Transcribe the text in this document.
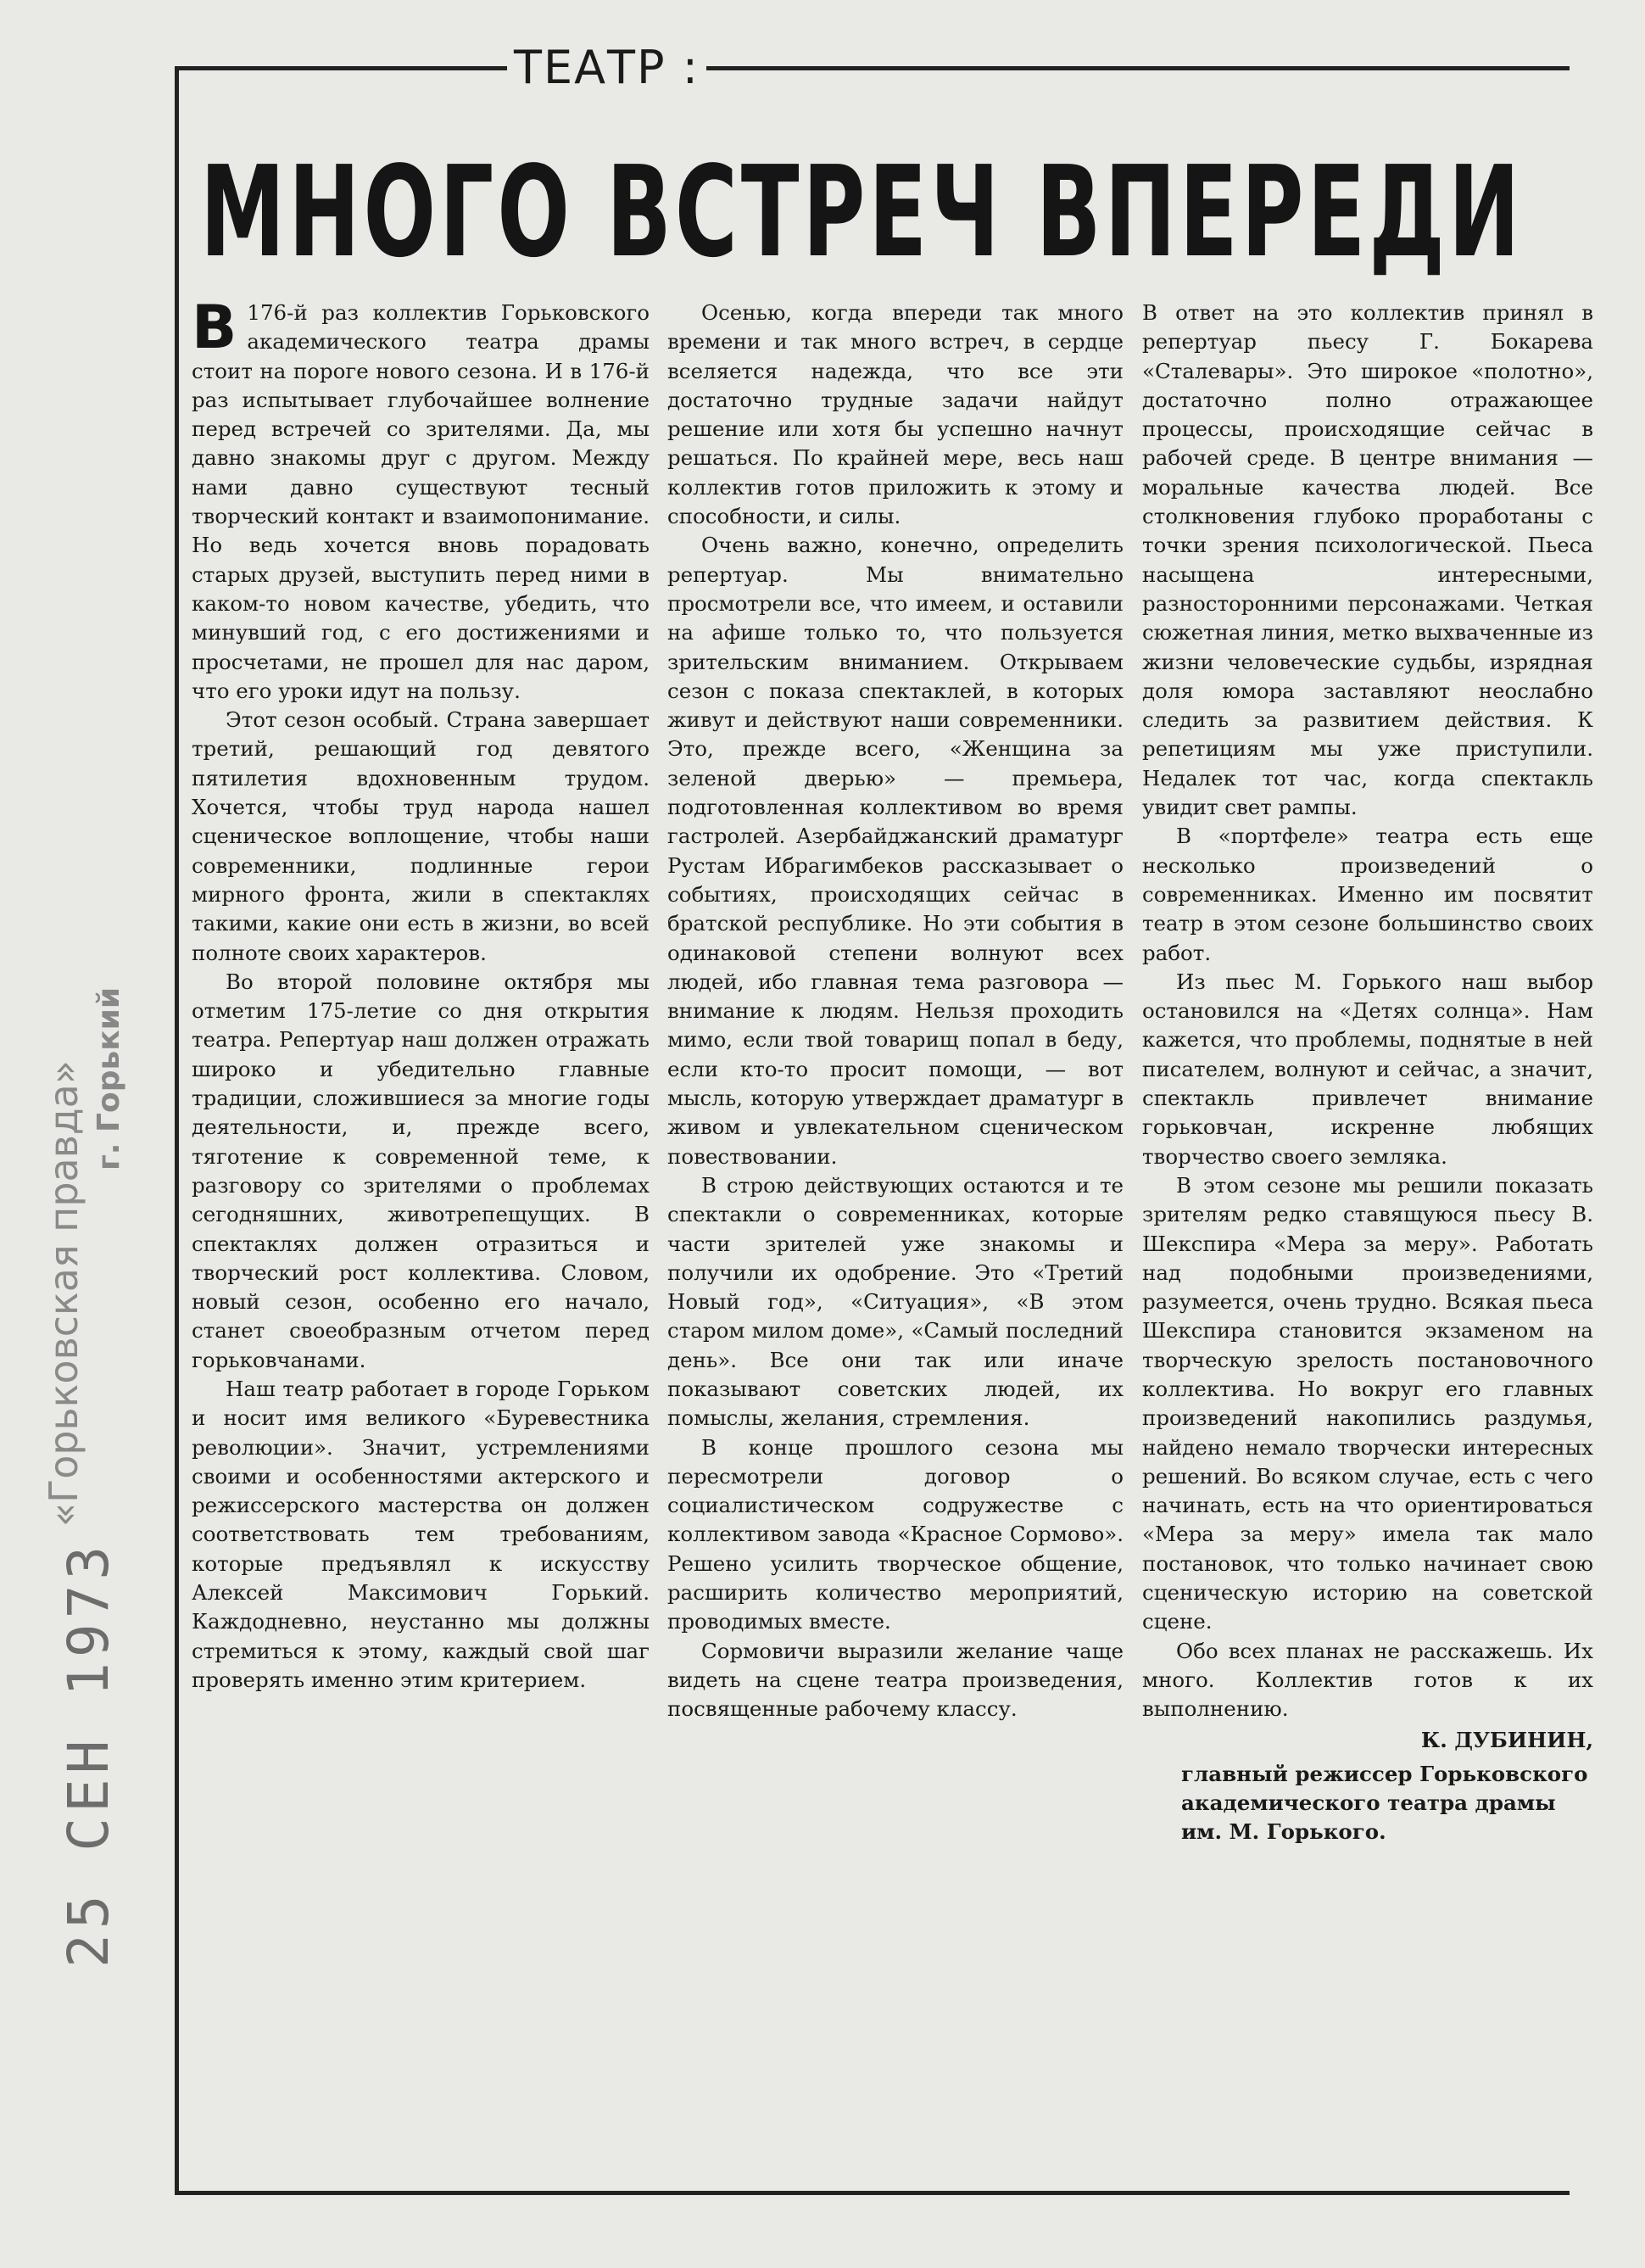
ТЕАТР :
МНОГО ВСТРЕЧ ВПЕРЕДИ
«Горьковская правда» г. Горький
25 СЕН 1973

В 176-й раз коллектив Горьковского академического театра драмы стоит на пороге нового сезона. И в 176-й раз испытывает глубочайшее волнение перед встречей со зрителями. Да, мы давно знакомы друг с другом. Между нами давно существуют тесный творческий контакт и взаимопонимание. Но ведь хочется вновь порадовать старых друзей, выступить перед ними в каком-то новом качестве, убедить, что минувший год, с его достижениями и просчетами, не прошел для нас даром, что его уроки идут на пользу.

Этот сезон особый. Страна завершает третий, решающий год девятого пятилетия вдохновенным трудом. Хочется, чтобы труд народа нашел сценическое воплощение, чтобы наши современники, подлинные герои мирного фронта, жили в спектаклях такими, какие они есть в жизни, во всей полноте своих характеров.

Во второй половине октября мы отметим 175-летие со дня открытия театра. Репертуар наш должен отражать широко и убедительно главные традиции, сложившиеся за многие годы деятельности, и, прежде всего, тяготение к современной теме, к разговору со зрителями о проблемах сегодняшних, животрепещущих. В спектаклях должен отразиться и творческий рост коллектива. Словом, новый сезон, особенно его начало, станет своеобразным отчетом перед горьковчанами.

Наш театр работает в городе Горьком и носит имя великого «Буревестника революции». Значит, устремлениями своими и особенностями актерского и режиссерского мастерства он должен соответствовать тем требованиям, которые предъявлял к искусству Алексей Максимович Горький. Каждодневно, неустанно мы должны стремиться к этому, каждый свой шаг проверять именно этим критерием.

Осенью, когда впереди так много времени и так много встреч, в сердце вселяется надежда, что все эти достаточно трудные задачи найдут решение или хотя бы успешно начнут решаться. По крайней мере, весь наш коллектив готов приложить к этому и способности, и силы.

Очень важно, конечно, определить репертуар. Мы внимательно просмотрели все, что имеем, и оставили на афише только то, что пользуется зрительским вниманием. Открываем сезон с показа спектаклей, в которых живут и действуют наши современники. Это, прежде всего, «Женщина за зеленой дверью» — премьера, подготовленная коллективом во время гастролей. Азербайджанский драматург Рустам Ибрагимбеков рассказывает о событиях, происходящих сейчас в братской республике. Но эти события в одинаковой степени волнуют всех людей, ибо главная тема разговора — внимание к людям. Нельзя проходить мимо, если твой товарищ попал в беду, если кто-то просит помощи, — вот мысль, которую утверждает драматург в живом и увлекательном сценическом повествовании.

В строю действующих остаются и те спектакли о современниках, которые части зрителей уже знакомы и получили их одобрение. Это «Третий Новый год», «Ситуация», «В этом старом милом доме», «Самый последний день». Все они так или иначе показывают советских людей, их помыслы, желания, стремления.

В конце прошлого сезона мы пересмотрели договор о социалистическом содружестве с коллективом завода «Красное Сормово». Решено усилить творческое общение, расширить количество мероприятий, проводимых вместе.

Сормовичи выразили желание чаще видеть на сцене театра произведения, посвященные рабочему классу.

В ответ на это коллектив принял в репертуар пьесу Г. Бокарева «Сталевары». Это широкое «полотно», достаточно полно отражающее процессы, происходящие сейчас в рабочей среде. В центре внимания — моральные качества людей. Все столкновения глубоко проработаны с точки зрения психологической. Пьеса насыщена интересными, разносторонними персонажами. Четкая сюжетная линия, метко выхваченные из жизни человеческие судьбы, изрядная доля юмора заставляют неослабно следить за развитием действия. К репетициям мы уже приступили. Недалек тот час, когда спектакль увидит свет рампы.

В «портфеле» театра есть еще несколько произведений о современниках. Именно им посвятит театр в этом сезоне большинство своих работ.

Из пьес М. Горького наш выбор остановился на «Детях солнца». Нам кажется, что проблемы, поднятые в ней писателем, волнуют и сейчас, а значит, спектакль привлечет внимание горьковчан, искренне любящих творчество своего земляка.

В этом сезоне мы решили показать зрителям редко ставящуюся пьесу В. Шекспира «Мера за меру». Работать над подобными произведениями, разумеется, очень трудно. Всякая пьеса Шекспира становится экзаменом на творческую зрелость постановочного коллектива. Но вокруг его главных произведений накопились раздумья, найдено немало творчески интересных решений. Во всяком случае, есть с чего начинать, есть на что ориентироваться «Мера за меру» имела так мало постановок, что только начинает свою сценическую историю на советской сцене.

Обо всех планах не расскажешь. Их много. Коллектив готов к их выполнению.

К. ДУБИНИН,
главный режиссер Горьковского академического театра драмы им. М. Горького.
